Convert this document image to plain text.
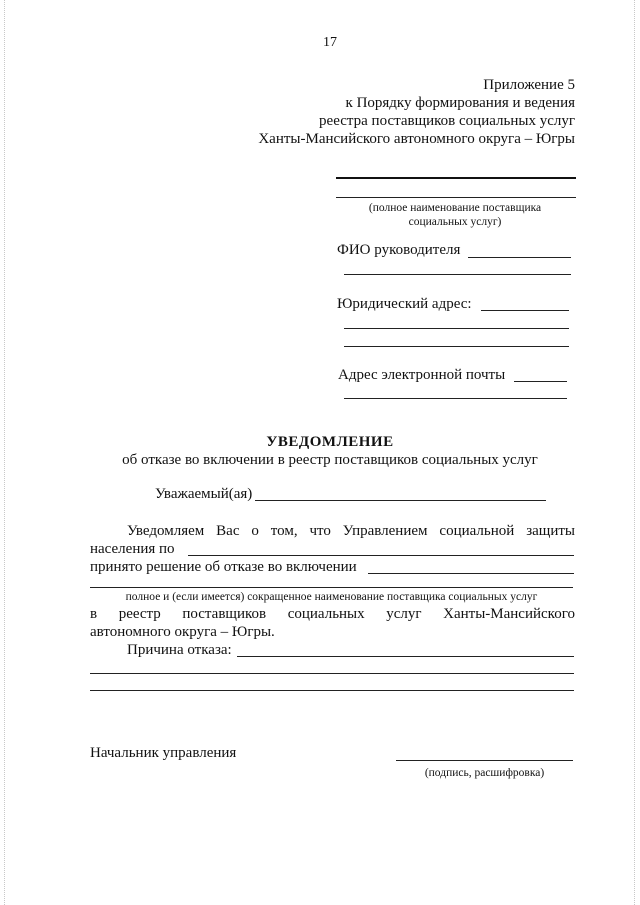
17
Приложение 5
к Порядку формирования и ведения
реестра поставщиков социальных услуг
Ханты-Мансийского автономного округа – Югры
(полное наименование поставщика
социальных услуг)
ФИО руководителя
Юридический адрес:
Адрес электронной почты
УВЕДОМЛЕНИЕ
об отказе во включении в реестр поставщиков социальных услуг
Уважаемый(ая)
Уведомляем Вас о том, что Управлением социальной защиты
населения по
принято решение об отказе во включении
полное и (если имеется) сокращенное наименование поставщика социальных услуг
в реестр поставщиков социальных услуг Ханты-Мансийского
автономного округа – Югры.
Причина отказа:
Начальник управления
(подпись, расшифровка)
